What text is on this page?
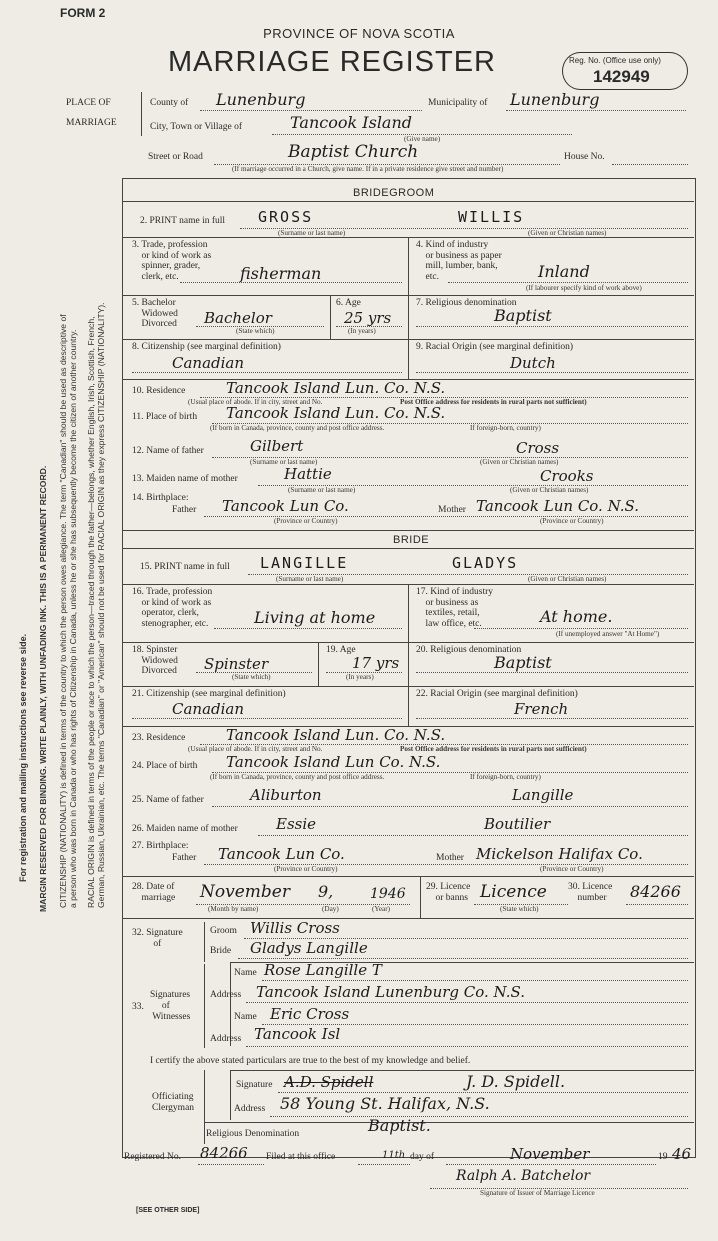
FORM 2
PROVINCE OF NOVA SCOTIA
MARRIAGE REGISTER	Reg. No. (Office use only)
142949
PLACE OF
MARRIAGE
County of Lunenburg	Municipality of Lunenburg
City, Town or Village of	Tancook Island
(Give name)
Street or Road	Baptist Church	House No.
(If marriage occurred in a Church, give name. If in a private residence give street and number)
BRIDEGROOM
2. PRINT name in full GROSS	WILLIS
(Surname or last name)	(Given or Christian names)
3. Trade, profession
or kind of work as
spinner, grader,
clerk, etc.	fisherman
4. Kind of industry
or business as paper
mill, lumber, bank,
etc.	Inland
(If labourer specify kind of work above)
5. Bachelor
Widowed
Divorced Bachelor
(State which)
6. Age
25 yrs
(In years)
7. Religious denomination
Baptist
8. Citizenship (see marginal definition)
Canadian
9. Racial Origin (see marginal definition)
Dutch
10. Residence	Tancook Island Lun. Co. N.S.
(Usual place of abode. If in city, street and No.	Post Office address for residents in rural parts not sufficient)
11. Place of birth Tancook Island Lun. Co. N.S.
(If born in Canada, province, county and post office address.	If foreign-born, country)
12. Name of father	Gilbert	Cross
(Surname or last name)	(Given or Christian names)
13. Maiden name of mother	Hattie	Crooks
(Surname or last name)	(Given or Christian names)
14. Birthplace:
Father Tancook Lun Co.	Mother Tancook Lun Co. N.S.
(Province or Country)	(Province or Country)
BRIDE
15. PRINT name in full LANGILLE	GLADYS
(Surname or last name)	(Given or Christian names)
16. Trade, profession
or kind of work as
operator, clerk,
stenographer, etc.	Living at home
17. Kind of industry
or business as
textiles, retail,
law office, etc.	At home.
(If unemployed answer "At Home")
18. Spinster
Widowed
Divorced Spinster
(State which)
19. Age
17 yrs
(In years)
20. Religious denomination
Baptist
21. Citizenship (see marginal definition)
Canadian
22. Racial Origin (see marginal definition)
French
23. Residence	Tancook Island Lun. Co. N.S.
(Usual place of abode. If in city, street and No.	Post Office address for residents in rural parts not sufficient)
24. Place of birth Tancook Island Lun Co. N.S.
(If born in Canada, province, county and post office address.	If foreign-born, country)
25. Name of father	Aliburton	Langille
26. Maiden name of mother	Essie	Boutilier
27. Birthplace:
Father Tancook Lun Co.	Mother Mickelson Halifax Co.
(Province or Country)	(Province or Country)
28. Date of
marriage November 9,	1946
(Month by name)	(Day)	(Year)
29. Licence
or banns Licence
(State which)
30. Licence
number	84266
32. Signature
of
Groom Willis Cross
Bride Gladys Langille
33.
Signatures
of
Witnesses
Name Rose Langille T
Address Tancook Island Lunenburg Co. N.S.
Name Eric Cross
Address Tancook Isl
I certify the above stated particulars are true to the best of my knowledge and belief.
Officiating
Clergyman
Signature A.D. Spidell	J. D. Spidell.
Address 58 Young St. Halifax, N.S.
Religious Denomination	Baptist.
Registered No. 84266 Filed at this office	11th day of	November	19 46
Ralph A. Batchelor
Signature of Issuer of Marriage Licence
[SEE OTHER SIDE]
For registration and mailing instructions see reverse side. MARGIN RESERVED FOR BINDING. WRITE PLAINLY, WITH UNFADING INK. THIS IS A PERMANENT RECORD. CITIZENSHIP (NATIONALITY) is defined in terms of the country to which the person owes allegiance. The term "Canadian" should be used as descriptive of a person who was born in Canada or who has rights of Citizenship in Canada, unless he or she has subsequently become the citizen of another country. RACIAL ORIGIN is defined in terms of the people or race to which the person—traced through the father—belongs, whether English, Irish, Scottish, French, German, Russian, Ukrainian, etc. The terms "Canadian" or "American" should not be used for RACIAL ORIGIN as they express CITIZENSHIP (NATIONALITY).
